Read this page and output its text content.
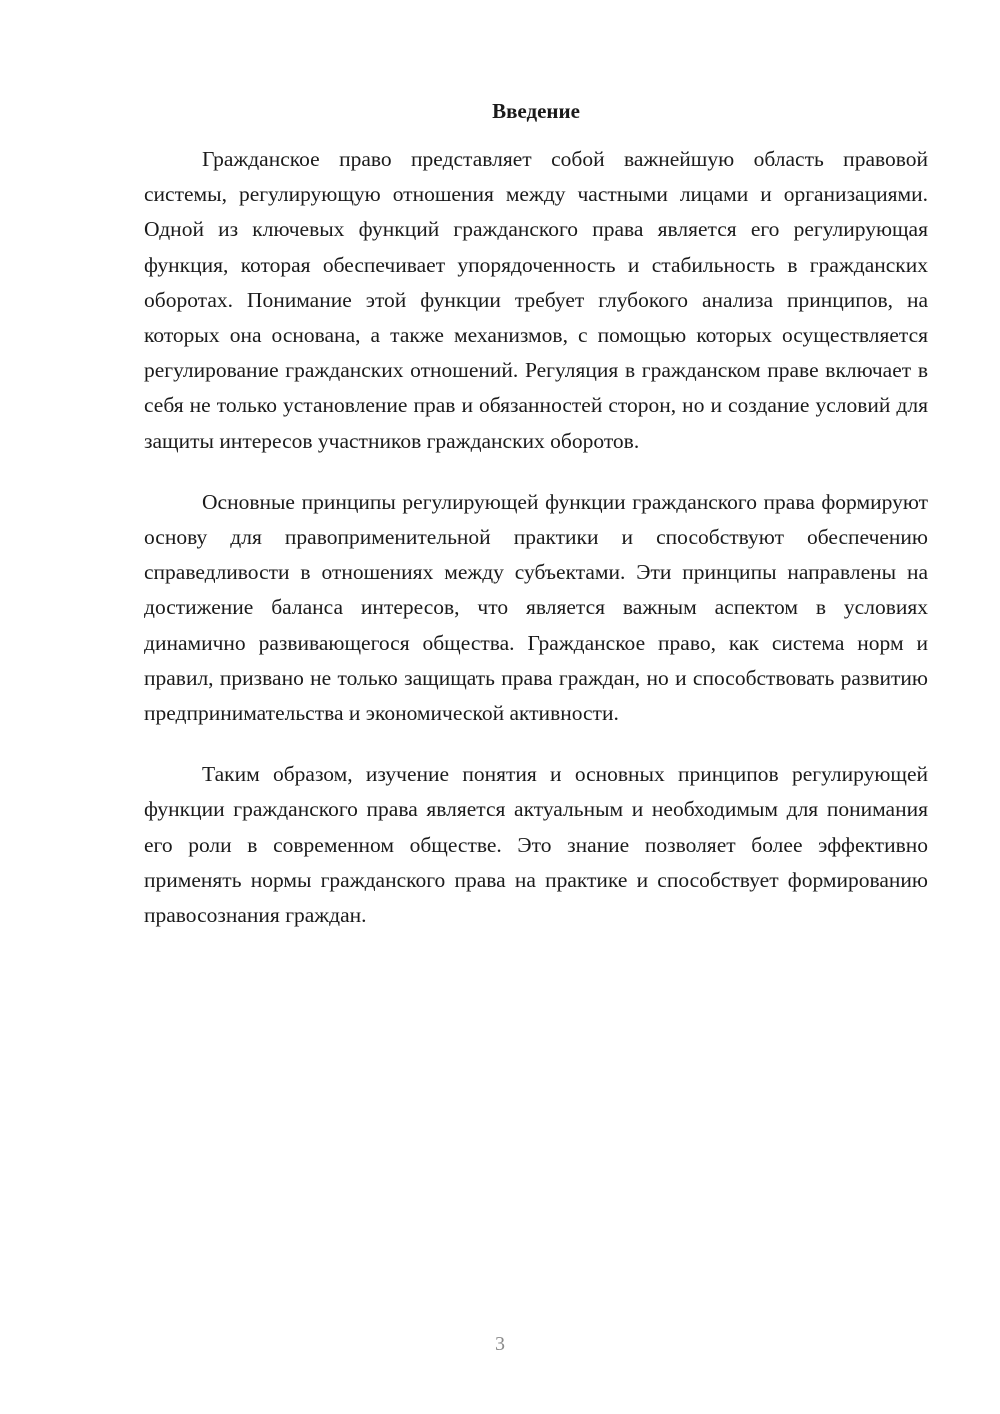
Введение

Гражданское право представляет собой важнейшую область правовой системы, регулирующую отношения между частными лицами и организациями. Одной из ключевых функций гражданского права является его регулирующая функция, которая обеспечивает упорядоченность и стабильность в гражданских оборотах. Понимание этой функции требует глубокого анализа принципов, на которых она основана, а также механизмов, с помощью которых осуществляется регулирование гражданских отношений. Регуляция в гражданском праве включает в себя не только установление прав и обязанностей сторон, но и создание условий для защиты интересов участников гражданских оборотов.

Основные принципы регулирующей функции гражданского права формируют основу для правоприменительной практики и способствуют обеспечению справедливости в отношениях между субъектами. Эти принципы направлены на достижение баланса интересов, что является важным аспектом в условиях динамично развивающегося общества. Гражданское право, как система норм и правил, призвано не только защищать права граждан, но и способствовать развитию предпринимательства и экономической активности.

Таким образом, изучение понятия и основных принципов регулирующей функции гражданского права является актуальным и необходимым для понимания его роли в современном обществе. Это знание позволяет более эффективно применять нормы гражданского права на практике и способствует формированию правосознания граждан.

3
